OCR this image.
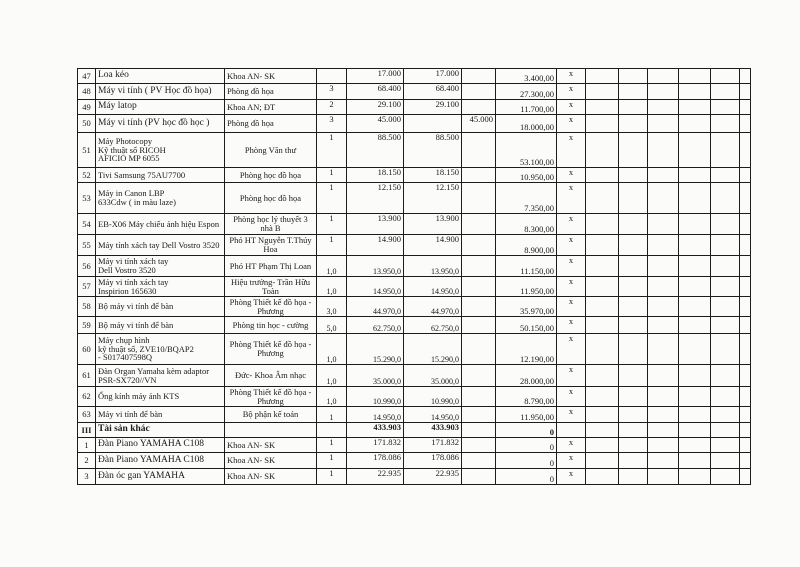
47	Loa kéo	Khoa AN- SK		17.000	17.000		3.400,00	x						
48	Máy vi tính ( PV Học đồ họa)	Phòng đồ họa	3	68.400	68.400		27.300,00	x						
49	Máy latop	Khoa AN; ĐT	2	29.100	29.100		11.700,00	x						
50	Máy vi tính (PV học đồ học )	Phòng đồ họa	3	45.000		45.000	18.000,00	x						
51	Máy Photocopy
Kỹ thuật số RICOH
AFICIO MP 6055	Phòng Văn thư	1	88.500	88.500		53.100,00	x						
52	Tivi Samsung 75AU7700	Phòng học đồ họa	1	18.150	18.150		10.950,00	x						
53	Máy in Canon LBP
633Cdw ( in màu laze)	Phòng học đồ họa	1	12.150	12.150		7.350,00	x						
54	EB-X06 Máy chiếu ảnh hiệu Espon	Phòng học lý thuyết 3 nhà B	1	13.900	13.900		8.300,00	x						
55	Máy tính xách tay Dell Vostro 3520	Phó HT Nguyễn T.Thúy Hoa	1	14.900	14.900		8.900,00	x						
56	Máy vi tính xách tay
Dell Vostro 3520	Phó HT Phạm Thị Loan	1,0	13.950,0	13.950,0		11.150,00	x						
57	Máy vi tính xách tay
Inspirion 165630	Hiệu trưởng- Trần Hữu Toàn	1,0	14.950,0	14.950,0		11.950,00	x						
58	Bộ máy vi tính để bàn	Phòng Thiết kế đồ họa - Phương	3,0	44.970,0	44.970,0		35.970,00	x						
59	Bộ máy vi tính để bàn	Phòng tin học - cường	5,0	62.750,0	62.750,0		50.150,00	x						
60	Máy chụp hình
kỹ thuật số, ZVE10/BQAP2
- S017407598Q	Phòng Thiết kế đồ họa - Phương	1,0	15.290,0	15.290,0		12.190,00	x						
61	Đàn Organ Yamaha kèm adaptor PSR-SX720//VN	Đức- Khoa Âm nhạc	1,0	35.000,0	35.000,0		28.000,00	x						
62	Ống kính máy ảnh KTS	Phòng Thiết kế đồ họa - Phương	1,0	10.990,0	10.990,0		8.790,00	x						
63	Máy vi tính để bàn	Bộ phận kế toán	1	14.950,0	14.950,0		11.950,00	x						
III	Tài sản khác			433.903	433.903		0							
1	Đàn Piano YAMAHA C108	Khoa AN- SK	1	171.832	171.832		0	x						
2	Đàn Piano YAMAHA C108	Khoa AN- SK	1	178.086	178.086		0	x						
3	Đàn óc gan YAMAHA	Khoa AN- SK	1	22.935	22.935		0	x						
